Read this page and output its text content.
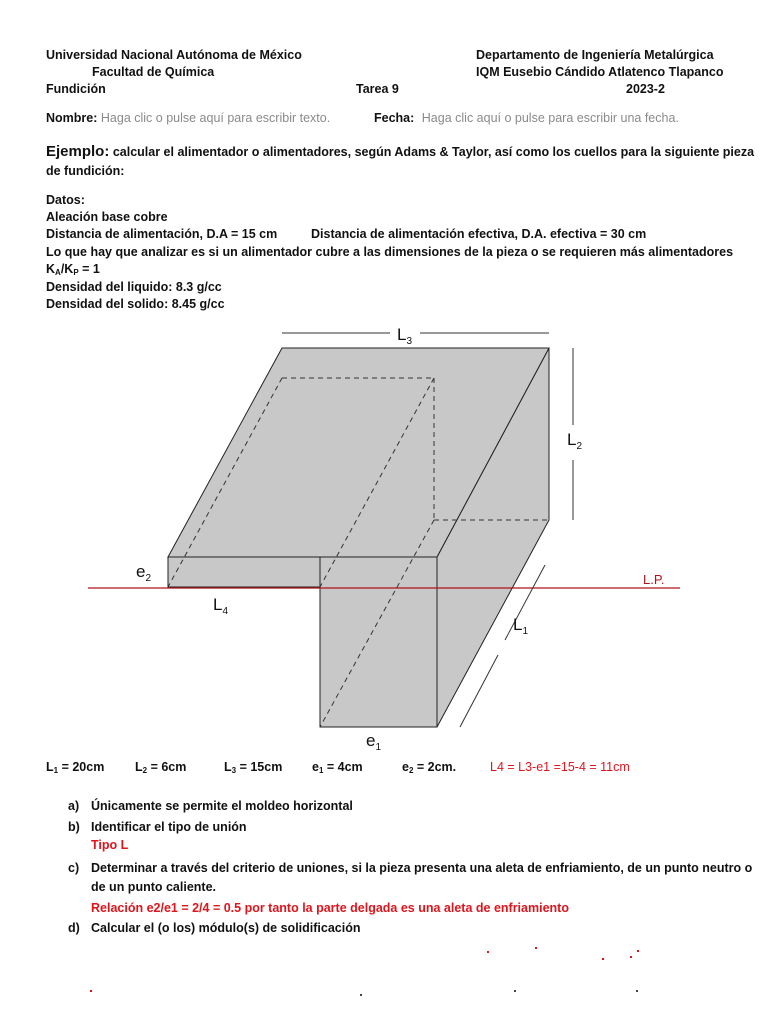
Universidad Nacional Autónoma de México
Facultad de Química
Fundición	Tarea 9
Departamento de Ingeniería Metalúrgica
IQM Eusebio Cándido Atlatenco Tlapanco
2023-2
Nombre: Haga clic o pulse aquí para escribir texto.	Fecha: Haga clic aquí o pulse para escribir una fecha.
Ejemplo: calcular el alimentador o alimentadores, según Adams & Taylor, así como los cuellos para la siguiente pieza
de fundición:
Datos:
Aleación base cobre
Distancia de alimentación, D.A = 15 cm	Distancia de alimentación efectiva, D.A. efectiva = 30 cm
Lo que hay que analizar es si un alimentador cubre a las dimensiones de la pieza o se requieren más alimentadores
$K_A/K_P = 1$
Densidad del liquido: 8.3 g/cc
Densidad del solido: 8.45 g/cc
$L_3$
$L_2$
$L_1$
$L_4$
$e_1$
$e_2$	L.P.
$L_1 = 20cm$ $L_2 = 6cm$	$L_3 = 15cm$ $e_1 = 4cm$	$e_2 = 2cm$.	L4 = L3-e1 =15-4 = 11cm
a) Únicamente se permite el moldeo horizontal
b) Identificar el tipo de unión
Tipo L
c) Determinar a través del criterio de uniones, si la pieza presenta una aleta de enfriamiento, de un punto neutro o
de un punto caliente.
Relación e2/e1 = 2/4 = 0.5 por tanto la parte delgada es una aleta de enfriamiento
d) Calcular el (o los) módulo(s) de solidificación
